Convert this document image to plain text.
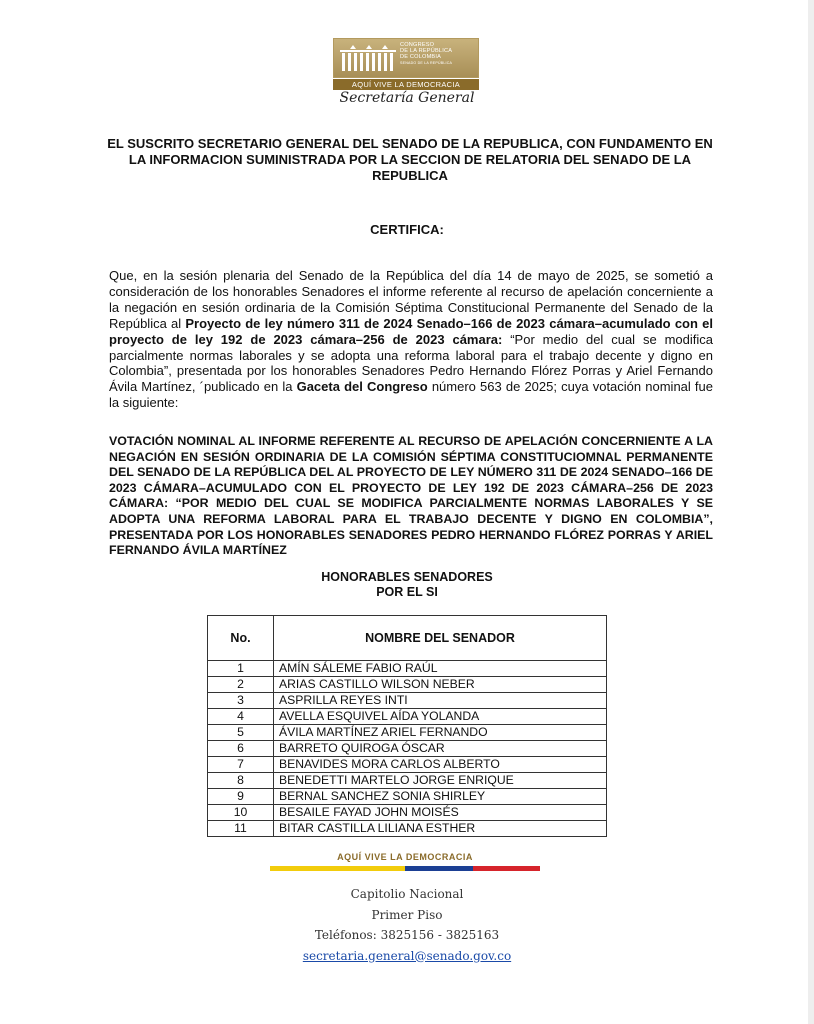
CONGRESO
DE LA REPÚBLICA
DE COLOMBIA
SENADO DE LA REPÚBLICA
AQUÍ VIVE LA DEMOCRACIA
Secretaría General
EL SUSCRITO SECRETARIO GENERAL DEL SENADO DE LA REPUBLICA, CON FUNDAMENTO EN LA INFORMACION SUMINISTRADA POR LA SECCION DE RELATORIA DEL SENADO DE LA REPUBLICA
CERTIFICA:
Que, en la sesión plenaria del Senado de la República del día 14 de mayo de 2025, se sometió a consideración de los honorables Senadores el informe referente al recurso de apelación concerniente a la negación en sesión ordinaria de la Comisión Séptima Constitucional Permanente del Senado de la República al Proyecto de ley número 311 de 2024 Senado–166 de 2023 cámara–acumulado con el proyecto de ley 192 de 2023 cámara–256 de 2023 cámara: “Por medio del cual se modifica parcialmente normas laborales y se adopta una reforma laboral para el trabajo decente y digno en Colombia”, presentada por los honorables Senadores Pedro Hernando Flórez Porras y Ariel Fernando Ávila Martínez, ´publicado en la Gaceta del Congreso número 563 de 2025; cuya votación nominal fue la siguiente:
VOTACIÓN NOMINAL AL INFORME REFERENTE AL RECURSO DE APELACIÓN CONCERNIENTE A LA NEGACIÓN EN SESIÓN ORDINARIA DE LA COMISIÓN SÉPTIMA CONSTITUCIOMNAL PERMANENTE DEL SENADO DE LA REPÚBLICA DEL AL PROYECTO DE LEY NÚMERO 311 DE 2024 SENADO–166 DE 2023 CÁMARA–ACUMULADO CON EL PROYECTO DE LEY 192 DE 2023 CÁMARA–256 DE 2023 CÁMARA: “POR MEDIO DEL CUAL SE MODIFICA PARCIALMENTE NORMAS LABORALES Y SE ADOPTA UNA REFORMA LABORAL PARA EL TRABAJO DECENTE Y DIGNO EN COLOMBIA”, PRESENTADA POR LOS HONORABLES SENADORES PEDRO HERNANDO FLÓREZ PORRAS Y ARIEL FERNANDO ÁVILA MARTÍNEZ
HONORABLES SENADORES
POR EL SI
No.	NOMBRE DEL SENADOR
1	AMÍN SÁLEME FABIO RAÚL
2	ARIAS CASTILLO WILSON NEBER
3	ASPRILLA REYES INTI
4	AVELLA ESQUIVEL AÍDA YOLANDA
5	ÁVILA MARTÍNEZ ARIEL FERNANDO
6	BARRETO QUIROGA ÓSCAR
7	BENAVIDES MORA CARLOS ALBERTO
8	BENEDETTI MARTELO JORGE ENRIQUE
9	BERNAL SANCHEZ SONIA SHIRLEY
10	BESAILE FAYAD JOHN MOISÉS
11	BITAR CASTILLA LILIANA ESTHER
AQUÍ VIVE LA DEMOCRACIA
Capitolio Nacional
Primer Piso
Teléfonos: 3825156 - 3825163
secretaria.general@senado.gov.co
